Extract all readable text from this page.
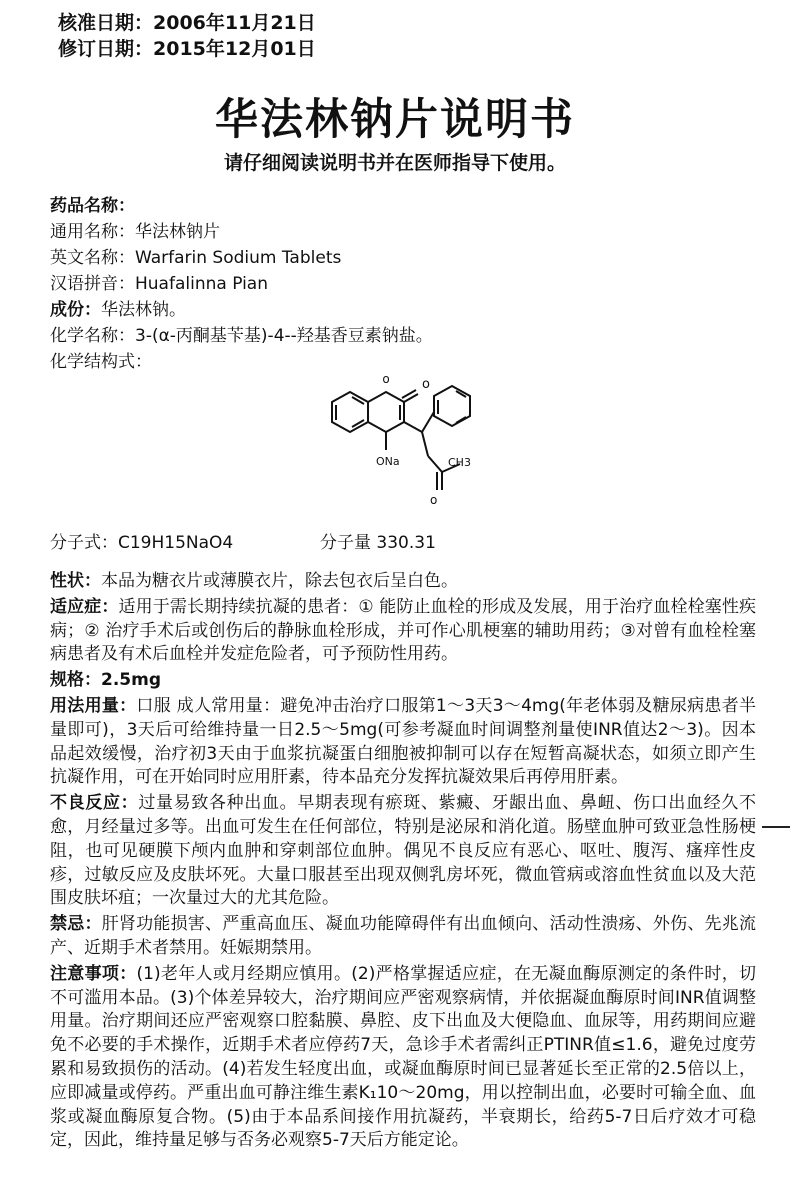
核准日期：2006年11月21日
修订日期：2015年12月01日
华法林钠片说明书
请仔细阅读说明书并在医师指导下使用。
药品名称：
通用名称：华法林钠片
英文名称：Warfarin Sodium Tablets
汉语拼音：Huafalinna Pian
成份：华法林钠。
化学名称：3-(α-丙酮基苄基)-4--羟基香豆素钠盐。
化学结构式：
o o
ONa	CH3
o
分子式：C19H15NaO4	分子量 330.31

性状：本品为糖衣片或薄膜衣片，除去包衣后呈白色。

适应症：适用于需长期持续抗凝的患者：① 能防止血栓的形成及发展，用于治疗血栓栓塞性疾病；② 治疗手术后或创伤后的静脉血栓形成，并可作心肌梗塞的辅助用药；③对曾有血栓栓塞病患者及有术后血栓并发症危险者，可予预防性用药。

规格：2.5mg

用法用量：口服 成人常用量：避免冲击治疗口服第1～3天3～4mg(年老体弱及糖尿病患者半量即可)，3天后可给维持量一日2.5～5mg(可参考凝血时间调整剂量使INR值达2～3)。因本品起效缓慢，治疗初3天由于血浆抗凝蛋白细胞被抑制可以存在短暂高凝状态，如须立即产生抗凝作用，可在开始同时应用肝素，待本品充分发挥抗凝效果后再停用肝素。

不良反应：过量易致各种出血。早期表现有瘀斑、紫癜、牙龈出血、鼻衄、伤口出血经久不愈，月经量过多等。出血可发生在任何部位，特别是泌尿和消化道。肠壁血肿可致亚急性肠梗阻，也可见硬膜下颅内血肿和穿刺部位血肿。偶见不良反应有恶心、呕吐、腹泻、瘙痒性皮疹，过敏反应及皮肤坏死。大量口服甚至出现双侧乳房坏死，微血管病或溶血性贫血以及大范围皮肤坏疽；一次量过大的尤其危险。

禁忌：肝肾功能损害、严重高血压、凝血功能障碍伴有出血倾向、活动性溃疡、外伤、先兆流产、近期手术者禁用。妊娠期禁用。

注意事项：(1)老年人或月经期应慎用。(2)严格掌握适应症，在无凝血酶原测定的条件时，切不可滥用本品。(3)个体差异较大，治疗期间应严密观察病情，并依据凝血酶原时间INR值调整用量。治疗期间还应严密观察口腔黏膜、鼻腔、皮下出血及大便隐血、血尿等，用药期间应避免不必要的手术操作，近期手术者应停药7天，急诊手术者需纠正PTINR值≤1.6，避免过度劳累和易致损伤的活动。(4)若发生轻度出血，或凝血酶原时间已显著延长至正常的2.5倍以上，应即减量或停药。严重出血可静注维生素K₁10～20mg，用以控制出血，必要时可输全血、血浆或凝血酶原复合物。(5)由于本品系间接作用抗凝药，半衰期长，给药5-7日后疗效才可稳定，因此，维持量足够与否务必观察5-7天后方能定论。
